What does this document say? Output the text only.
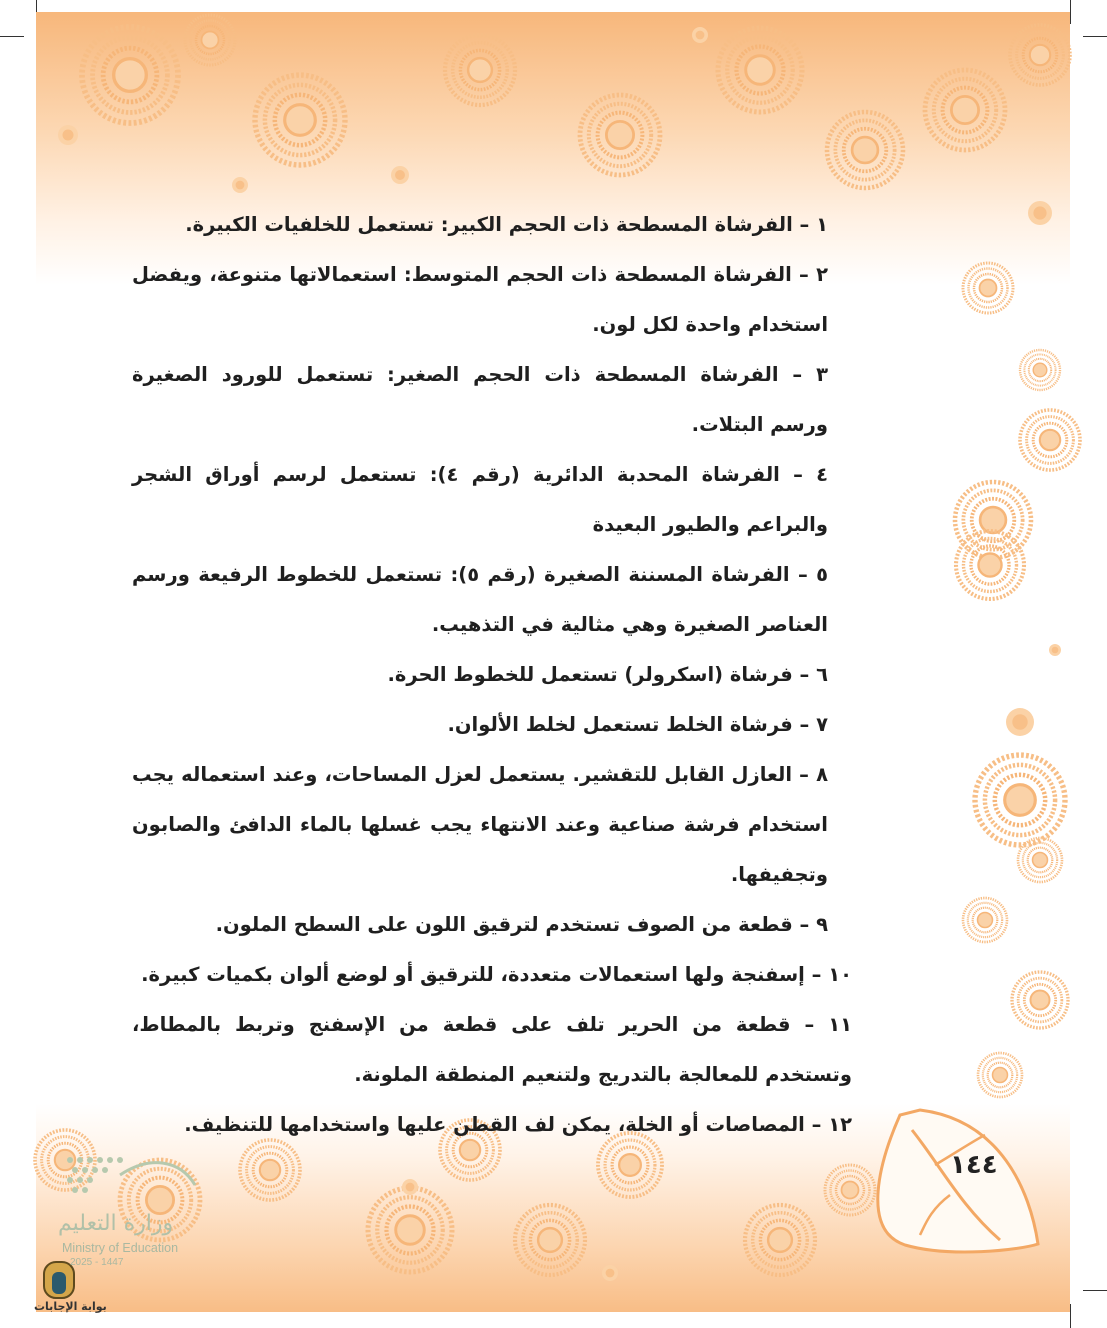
١ – الفرشاة المسطحة ذات الحجم الكبير: تستعمل للخلفيات الكبيرة.

٢ – الفرشاة المسطحة ذات الحجم المتوسط: استعمالاتها متنوعة، ويفضل استخدام واحدة لكل لون.

٣ – الفرشاة المسطحة ذات الحجم الصغير: تستعمل للورود الصغيرة ورسم البتلات.

٤ – الفرشاة المحدبة الدائرية (رقم ٤): تستعمل لرسم أوراق الشجر والبراعم والطيور البعيدة

٥ – الفرشاة المسننة الصغيرة (رقم ٥): تستعمل للخطوط الرفيعة ورسم العناصر الصغيرة وهي مثالية في التذهيب.

٦ – فرشاة (اسكرولر) تستعمل للخطوط الحرة.

٧ – فرشاة الخلط تستعمل لخلط الألوان.

٨ – العازل القابل للتقشير. يستعمل لعزل المساحات، وعند استعماله يجب استخدام فرشة صناعية وعند الانتهاء يجب غسلها بالماء الدافئ والصابون وتجفيفها.

٩ – قطعة من الصوف تستخدم لترقيق اللون على السطح الملون.

١٠ – إسفنجة ولها استعمالات متعددة، للترقيق أو لوضع ألوان بكميات كبيرة.

١١ – قطعة من الحرير تلف على قطعة من الإسفنج وتربط بالمطاط، وتستخدم للمعالجة بالتدريج ولتنعيم المنطقة الملونة.

١٢ – المصاصات أو الخلة، يمكن لف القطن عليها واستخدامها للتنظيف.

١٤٤
وزارة التعليم
Ministry of Education
2025 - 1447
بوابة الإجابات
